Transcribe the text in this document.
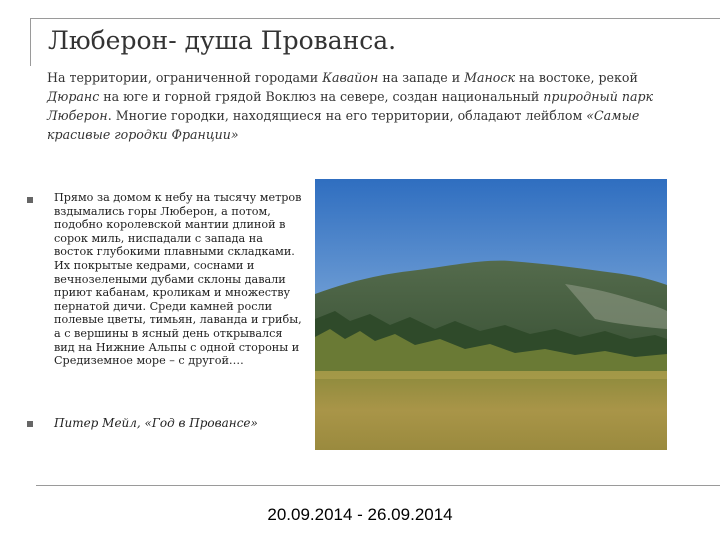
Люберон- душа Прованса.
На территории, ограниченной городами Кавайон на западе и Маноск на востоке, рекой Дюранс на юге и горной грядой Воклюз на севере, создан национальный природный парк Люберон. Многие городки, находящиеся на его территории, обладают лейблом «Самые красивые городки Франции»
Прямо за домом к небу на тысячу метров вздымались горы Люберон, а потом, подобно королевской мантии длиной в сорок миль, ниспадали с запада на восток глубокими плавными складками. Их покрытые кедрами, соснами и вечнозелеными дубами склоны давали приют кабанам, кроликам и множеству пернатой дичи. Среди камней росли полевые цветы, тимьян, лаванда и грибы, а с вершины в ясный день открывался вид на Нижние Альпы с одной стороны и Средиземное море – с другой….
Питер Мейл, «Год в Провансе»
20.09.2014 - 26.09.2014
